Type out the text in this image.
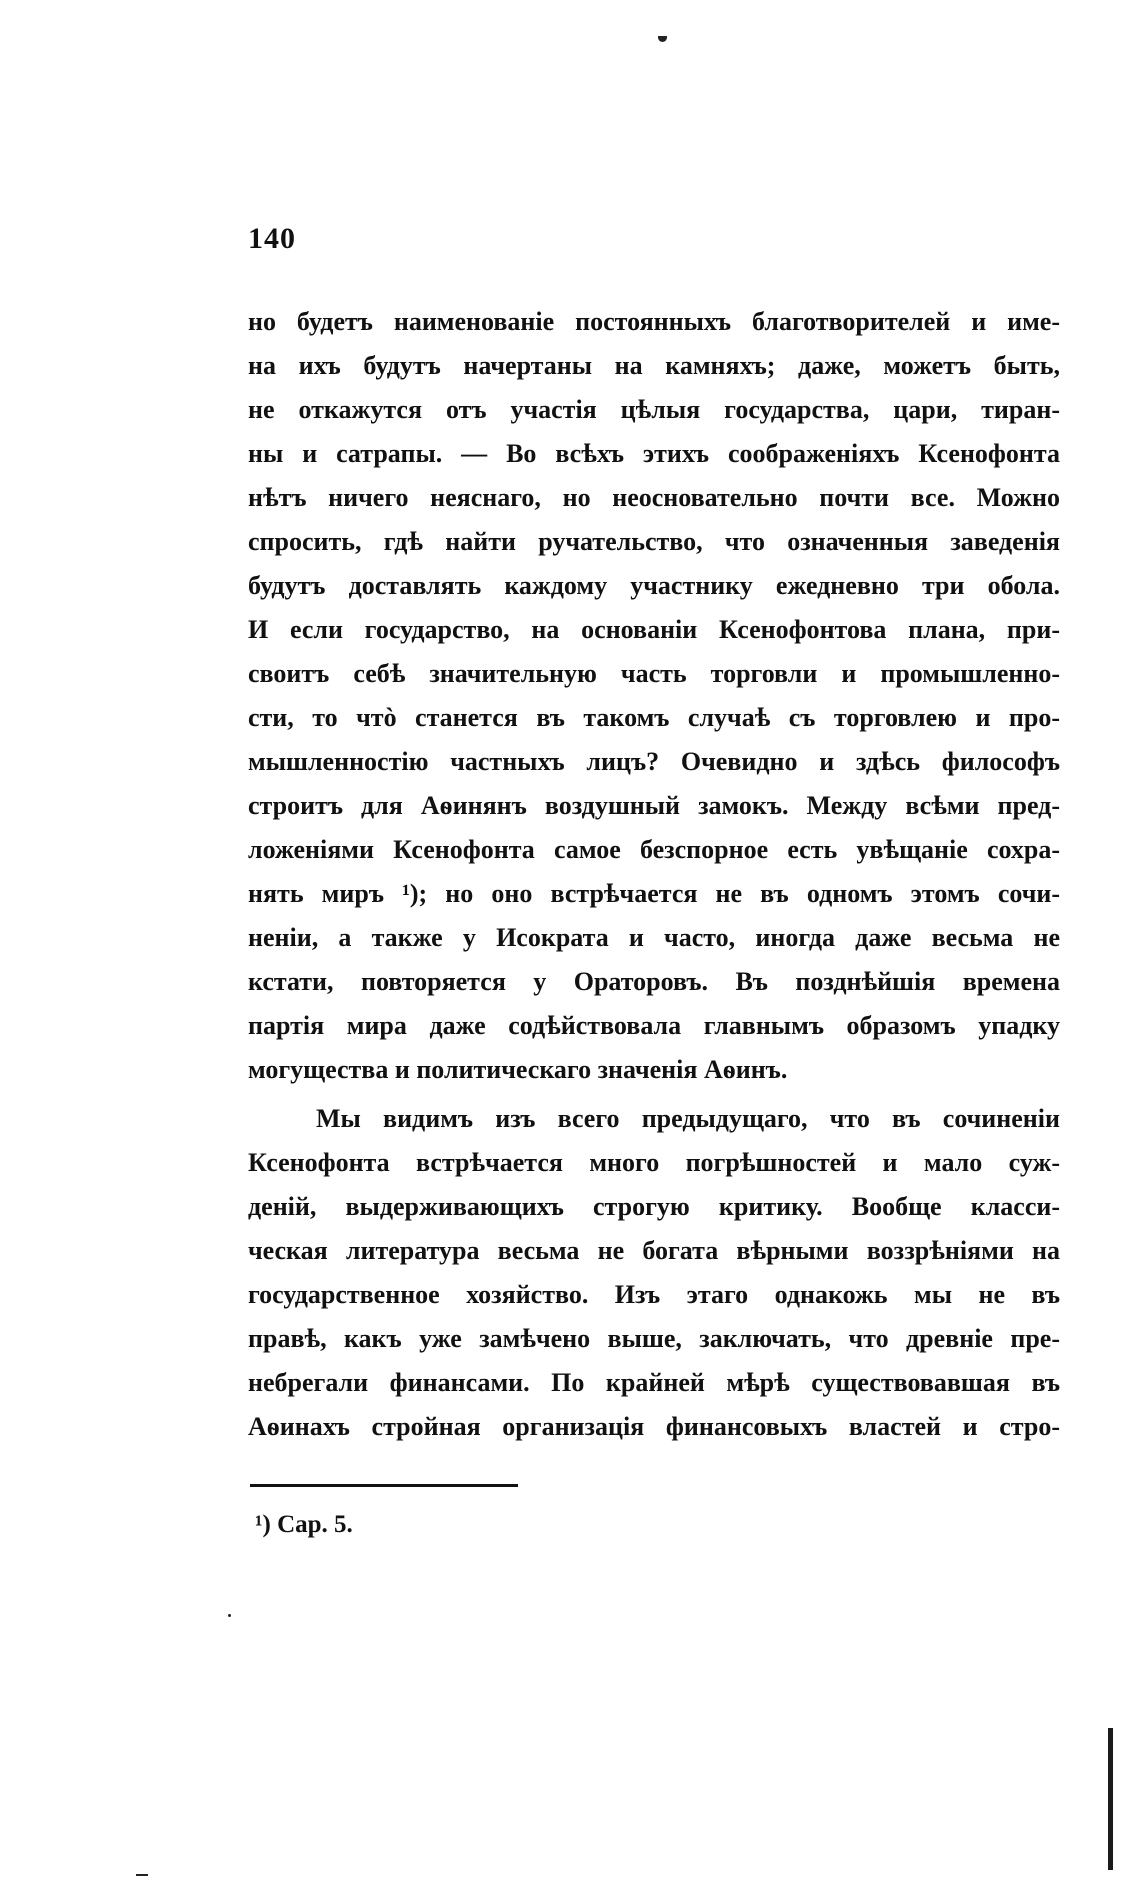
140
но будетъ наименованіе постоянныхъ благотворителей и име-
на ихъ будутъ начертаны на камняхъ; даже, можетъ быть,
не откажутся отъ участія цѣлыя государства, цари, тиран-
ны и сатрапы. — Во всѣхъ этихъ соображеніяхъ Ксенофонта
нѣтъ ничего неяснаго, но неосновательно почти все. Можно
спросить, гдѣ найти ручательство, что означенныя заведенія
будутъ доставлять каждому участнику ежедневно три обола.
И если государство, на основаніи Ксенофонтова плана, при-
своитъ себѣ значительную часть торговли и промышленно-
сти, то чтò станется въ такомъ случаѣ съ торговлею и про-
мышленностію частныхъ лицъ? Очевидно и здѣсь философъ
строитъ для Аѳинянъ воздушный замокъ. Между всѣми пред-
ложеніями Ксенофонта самое безспорное есть увѣщаніе сохра-
нять миръ ¹); но оно встрѣчается не въ одномъ этомъ сочи-
неніи, а также у Исократа и часто, иногда даже весьма не
кстати, повторяется у Ораторовъ. Въ позднѣйшія времена
партія мира даже содѣйствовала главнымъ образомъ упадку
могущества и политическаго значенія Аѳинъ.
Мы видимъ изъ всего предыдущаго, что въ сочиненіи
Ксенофонта встрѣчается много погрѣшностей и мало суж-
деній, выдерживающихъ строгую критику. Вообще класси-
ческая литература весьма не богата вѣрными воззрѣніями на
государственное хозяйство. Изъ этаго однакожь мы не въ
правѣ, какъ уже замѣчено выше, заключать, что древніе пре-
небрегали финансами. По крайней мѣрѣ существовавшая въ
Аѳинахъ стройная организація финансовыхъ властей и стро-
¹) Сар. 5.
